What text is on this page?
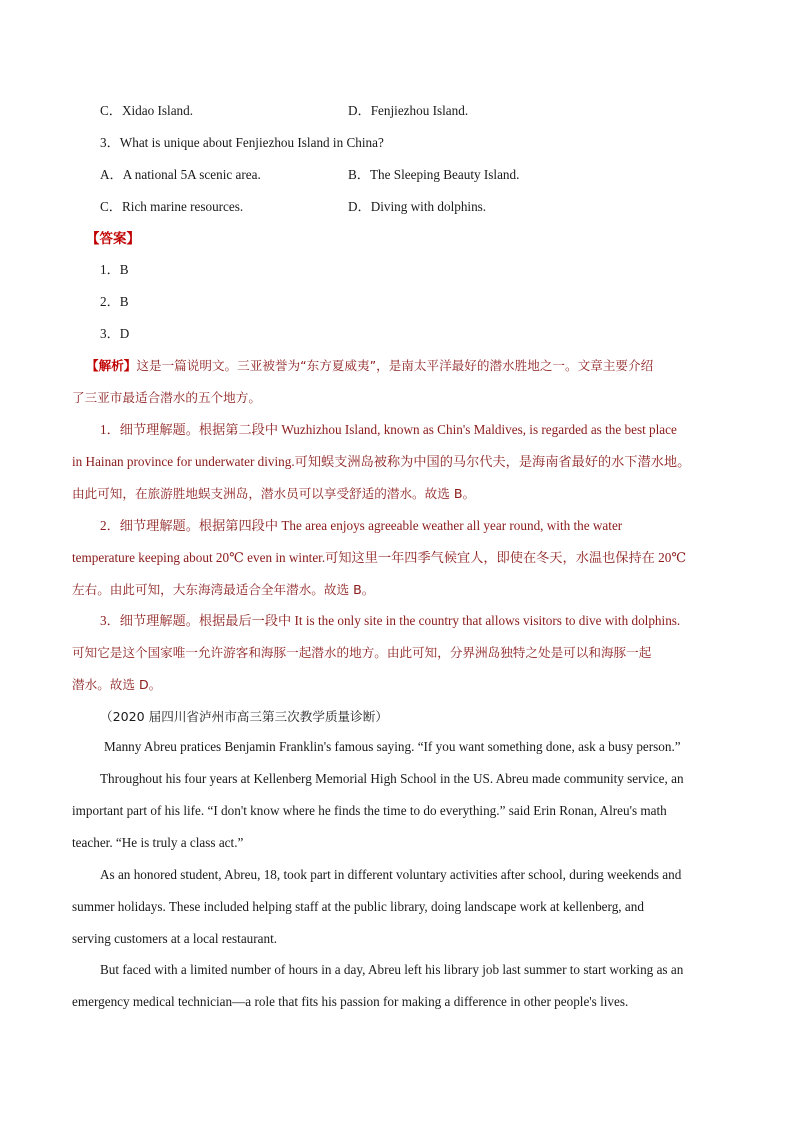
C．Xidao Island.	D．Fenjiezhou Island.
3．What is unique about Fenjiezhou Island in China?
A．A national 5A scenic area.	B．The Sleeping Beauty Island.
C．Rich marine resources.	D．Diving with dolphins.
【答案】
1．B
2．B
3．D
【解析】这是一篇说明文。三亚被誉为“东方夏威夷”，是南太平洋最好的潜水胜地之一。文章主要介绍
了三亚市最适合潜水的五个地方。
1．细节理解题。根据第二段中 Wuzhizhou Island, known as Chin's Maldives, is regarded as the best place
in Hainan province for underwater diving.可知蜈支洲岛被称为中国的马尔代夫，是海南省最好的水下潜水地。
由此可知，在旅游胜地蜈支洲岛，潜水员可以享受舒适的潜水。故选 B。
2．细节理解题。根据第四段中 The area enjoys agreeable weather all year round, with the water
temperature keeping about 20℃ even in winter.可知这里一年四季气候宜人，即使在冬天，水温也保持在 20℃
左右。由此可知，大东海湾最适合全年潜水。故选 B。
3．细节理解题。根据最后一段中 It is the only site in the country that allows visitors to dive with dolphins.
可知它是这个国家唯一允许游客和海豚一起潜水的地方。由此可知，分界洲岛独特之处是可以和海豚一起
潜水。故选 D。
（2020 届四川省泸州市高三第三次教学质量诊断）
Manny Abreu pratices Benjamin Franklin's famous saying. “If you want something done, ask a busy person.”
Throughout his four years at Kellenberg Memorial High School in the US. Abreu made community service, an
important part of his life. “I don't know where he finds the time to do everything.” said Erin Ronan, Alreu's math
teacher. “He is truly a class act.”
As an honored student, Abreu, 18, took part in different voluntary activities after school, during weekends and
summer holidays. These included helping staff at the public library, doing landscape work at kellenberg, and
serving customers at a local restaurant.
But faced with a limited number of hours in a day, Abreu left his library job last summer to start working as an
emergency medical technician—a role that fits his passion for making a difference in other people's lives.
